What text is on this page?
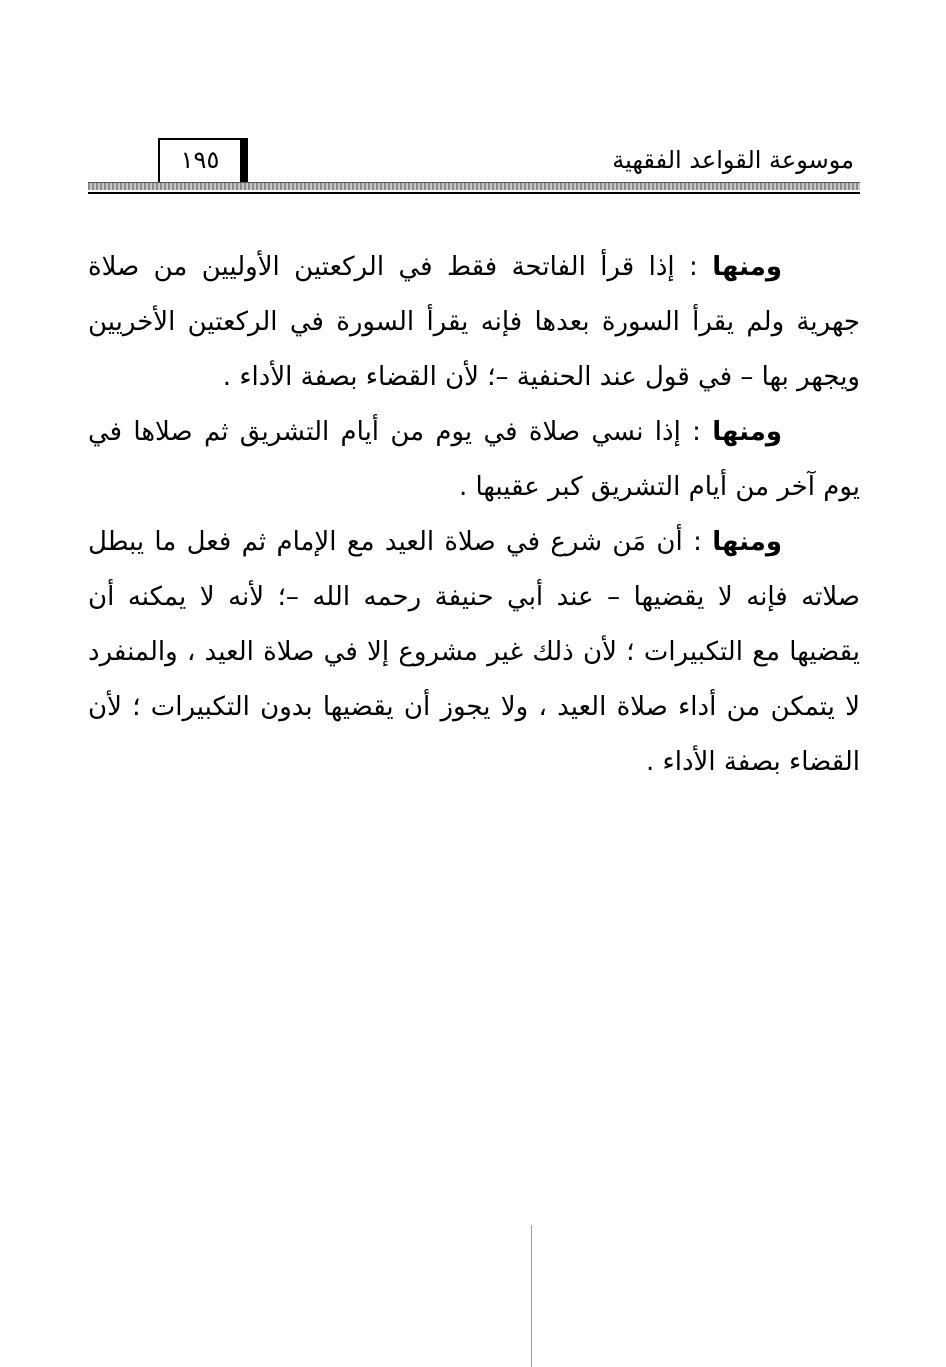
موسوعة القواعد الفقهية
١٩٥

ومنها : إذا قرأ الفاتحة فقط في الركعتين الأوليين من صلاة جهرية ولم يقرأ السورة بعدها فإنه يقرأ السورة في الركعتين الأخريين ويجهر بها – في قول عند الحنفية –؛ لأن القضاء بصفة الأداء .

ومنها : إذا نسي صلاة في يوم من أيام التشريق ثم صلاها في يوم آخر من أيام التشريق كبر عقيبها .

ومنها : أن مَن شرع في صلاة العيد مع الإمام ثم فعل ما يبطل صلاته فإنه لا يقضيها – عند أبي حنيفة رحمه الله –؛ لأنه لا يمكنه أن يقضيها مع التكبيرات ؛ لأن ذلك غير مشروع إلا في صلاة العيد ، والمنفرد لا يتمكن من أداء صلاة العيد ، ولا يجوز أن يقضيها بدون التكبيرات ؛ لأن القضاء بصفة الأداء .
